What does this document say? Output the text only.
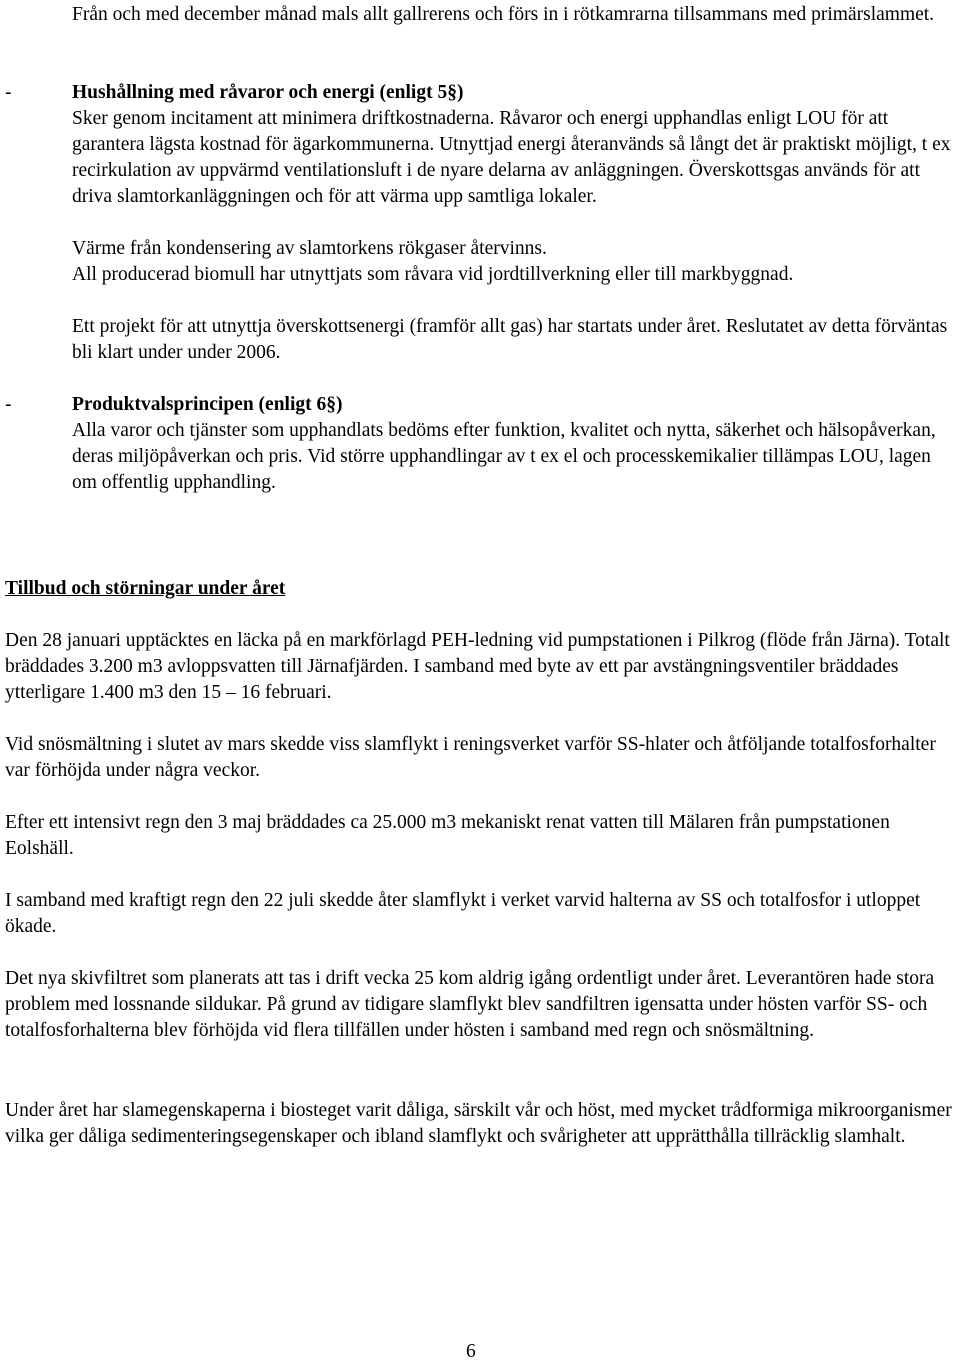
Från och med december månad mals allt gallrerens och förs in i rötkamrarna tillsammans med primärslammet.

-	Hushållning med råvaror och energi (enligt 5§)

Sker genom incitament att minimera driftkostnaderna. Råvaror och energi upphandlas enligt LOU för att garantera lägsta kostnad för ägarkommunerna. Utnyttjad energi återanvänds så långt det är praktiskt möjligt, t ex recirkulation av uppvärmd ventilationsluft i de nyare delarna av anläggningen. Överskottsgas används för att driva slamtorkanläggningen och för att värma upp samtliga lokaler.

Värme från kondensering av slamtorkens rökgaser återvinns.

All producerad biomull har utnyttjats som råvara vid jordtillverkning eller till markbyggnad.

Ett projekt för att utnyttja överskottsenergi (framför allt gas) har startats under året. Reslutatet av detta förväntas bli klart under under 2006.

-	Produktvalsprincipen (enligt 6§)

Alla varor och tjänster som upphandlats bedöms efter funktion, kvalitet och nytta, säkerhet och hälsopåverkan, deras miljöpåverkan och pris. Vid större upphandlingar av t ex el och processkemikalier tillämpas LOU, lagen om offentlig upphandling.

Tillbud och störningar under året

Den 28 januari upptäcktes en läcka på en markförlagd PEH-ledning vid pumpstationen i Pilkrog (flöde från Järna). Totalt bräddades 3.200 m3 avloppsvatten till Järnafjärden. I samband med byte av ett par avstängningsventiler bräddades ytterligare 1.400 m3 den 15 – 16 februari.

Vid snösmältning i slutet av mars skedde viss slamflykt i reningsverket varför SS-hlater och åtföljande totalfosforhalter var förhöjda under några veckor.

Efter ett intensivt regn den 3 maj bräddades ca 25.000 m3 mekaniskt renat vatten till Mälaren från pumpstationen Eolshäll.

I samband med kraftigt regn den 22 juli skedde åter slamflykt i verket varvid halterna av SS och totalfosfor i utloppet ökade.

Det nya skivfiltret som planerats att tas i drift vecka 25 kom aldrig igång ordentligt under året. Leverantören hade stora problem med lossnande sildukar. På grund av tidigare slamflykt blev sandfiltren igensatta under hösten varför SS- och totalfosforhalterna blev förhöjda vid flera tillfällen under hösten i samband med regn och snösmältning.

Under året har slamegenskaperna i biosteget varit dåliga, särskilt vår och höst, med mycket trådformiga mikroorganismer vilka ger dåliga sedimenteringsegenskaper och ibland slamflykt och svårigheter att upprätthålla tillräcklig slamhalt.

6
